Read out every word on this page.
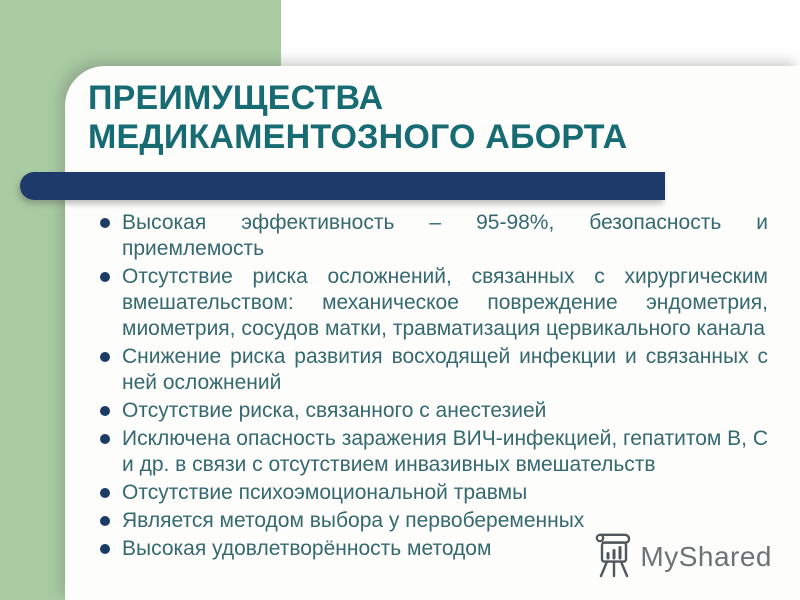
ПРЕИМУЩЕСТВА
МЕДИКАМЕНТОЗНОГО АБОРТА
Высокая эффективность – 95-98%, безопасность и приемлемость
Отсутствие риска осложнений, связанных с хирургическим вмешательством: механическое повреждение эндометрия, миометрия, сосудов матки, травматизация цервикального канала
Снижение риска развития восходящей инфекции и связанных с ней осложнений
Отсутствие риска, связанного с анестезией
Исключена опасность заражения ВИЧ-инфекцией, гепатитом В, С и др. в связи с отсутствием инвазивных вмешательств
Отсутствие психоэмоциональной травмы
Является методом выбора у первобеременных
Высокая удовлетворённость методом	MyShared
